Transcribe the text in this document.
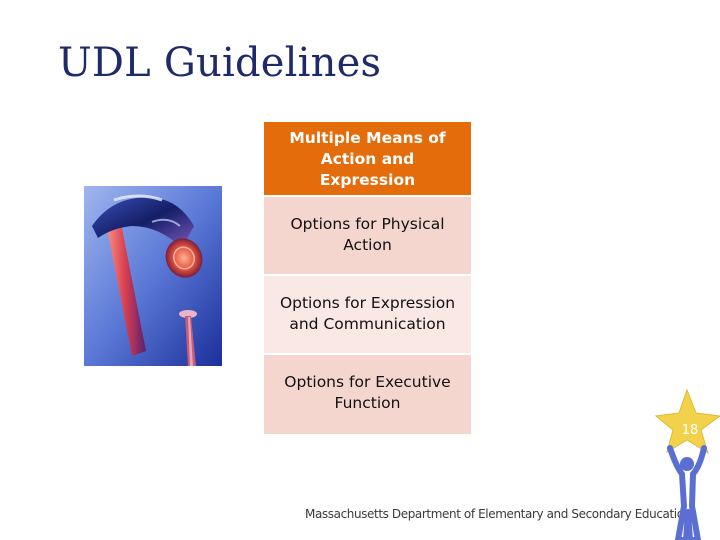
UDL Guidelines
Multiple Means of Action and Expression
Options for Physical Action
Options for Expression and Communication
Options for Executive Function
Massachusetts Department of Elementary and Secondary Education
18
